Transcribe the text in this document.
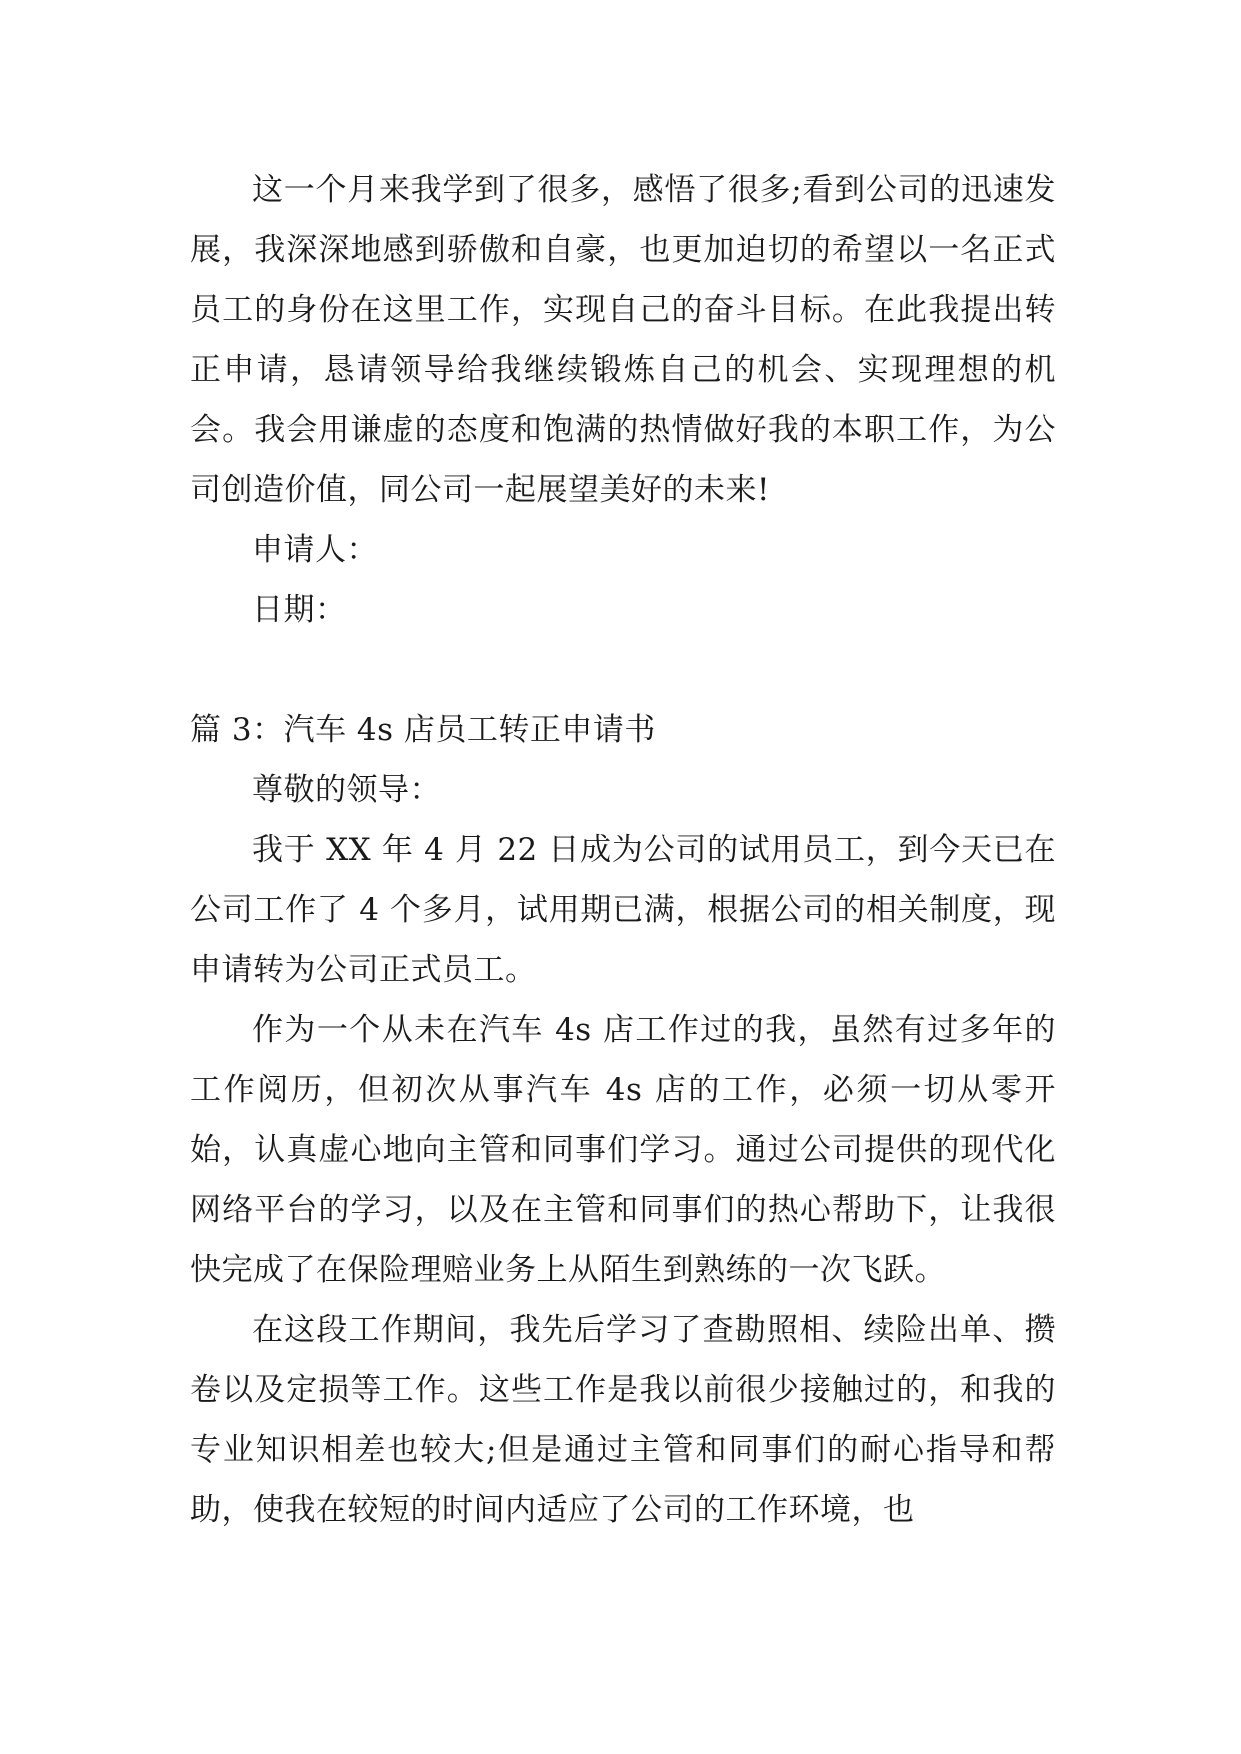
这一个月来我学到了很多，感悟了很多;看到公司的迅速发展，我深深地感到骄傲和自豪，也更加迫切的希望以一名正式员工的身份在这里工作，实现自己的奋斗目标。在此我提出转正申请，恳请领导给我继续锻炼自己的机会、实现理想的机会。我会用谦虚的态度和饱满的热情做好我的本职工作，为公司创造价值，同公司一起展望美好的未来!

申请人：

日期：

篇 3：汽车 4s 店员工转正申请书

尊敬的领导：

我于 XX 年 4 月 22 日成为公司的试用员工，到今天已在公司工作了 4 个多月，试用期已满，根据公司的相关制度，现申请转为公司正式员工。

作为一个从未在汽车 4s 店工作过的我，虽然有过多年的工作阅历，但初次从事汽车 4s 店的工作，必须一切从零开始，认真虚心地向主管和同事们学习。通过公司提供的现代化网络平台的学习，以及在主管和同事们的热心帮助下，让我很快完成了在保险理赔业务上从陌生到熟练的一次飞跃。

在这段工作期间，我先后学习了查勘照相、续险出单、攒卷以及定损等工作。这些工作是我以前很少接触过的，和我的专业知识相差也较大;但是通过主管和同事们的耐心指导和帮助，使我在较短的时间内适应了公司的工作环境，也
